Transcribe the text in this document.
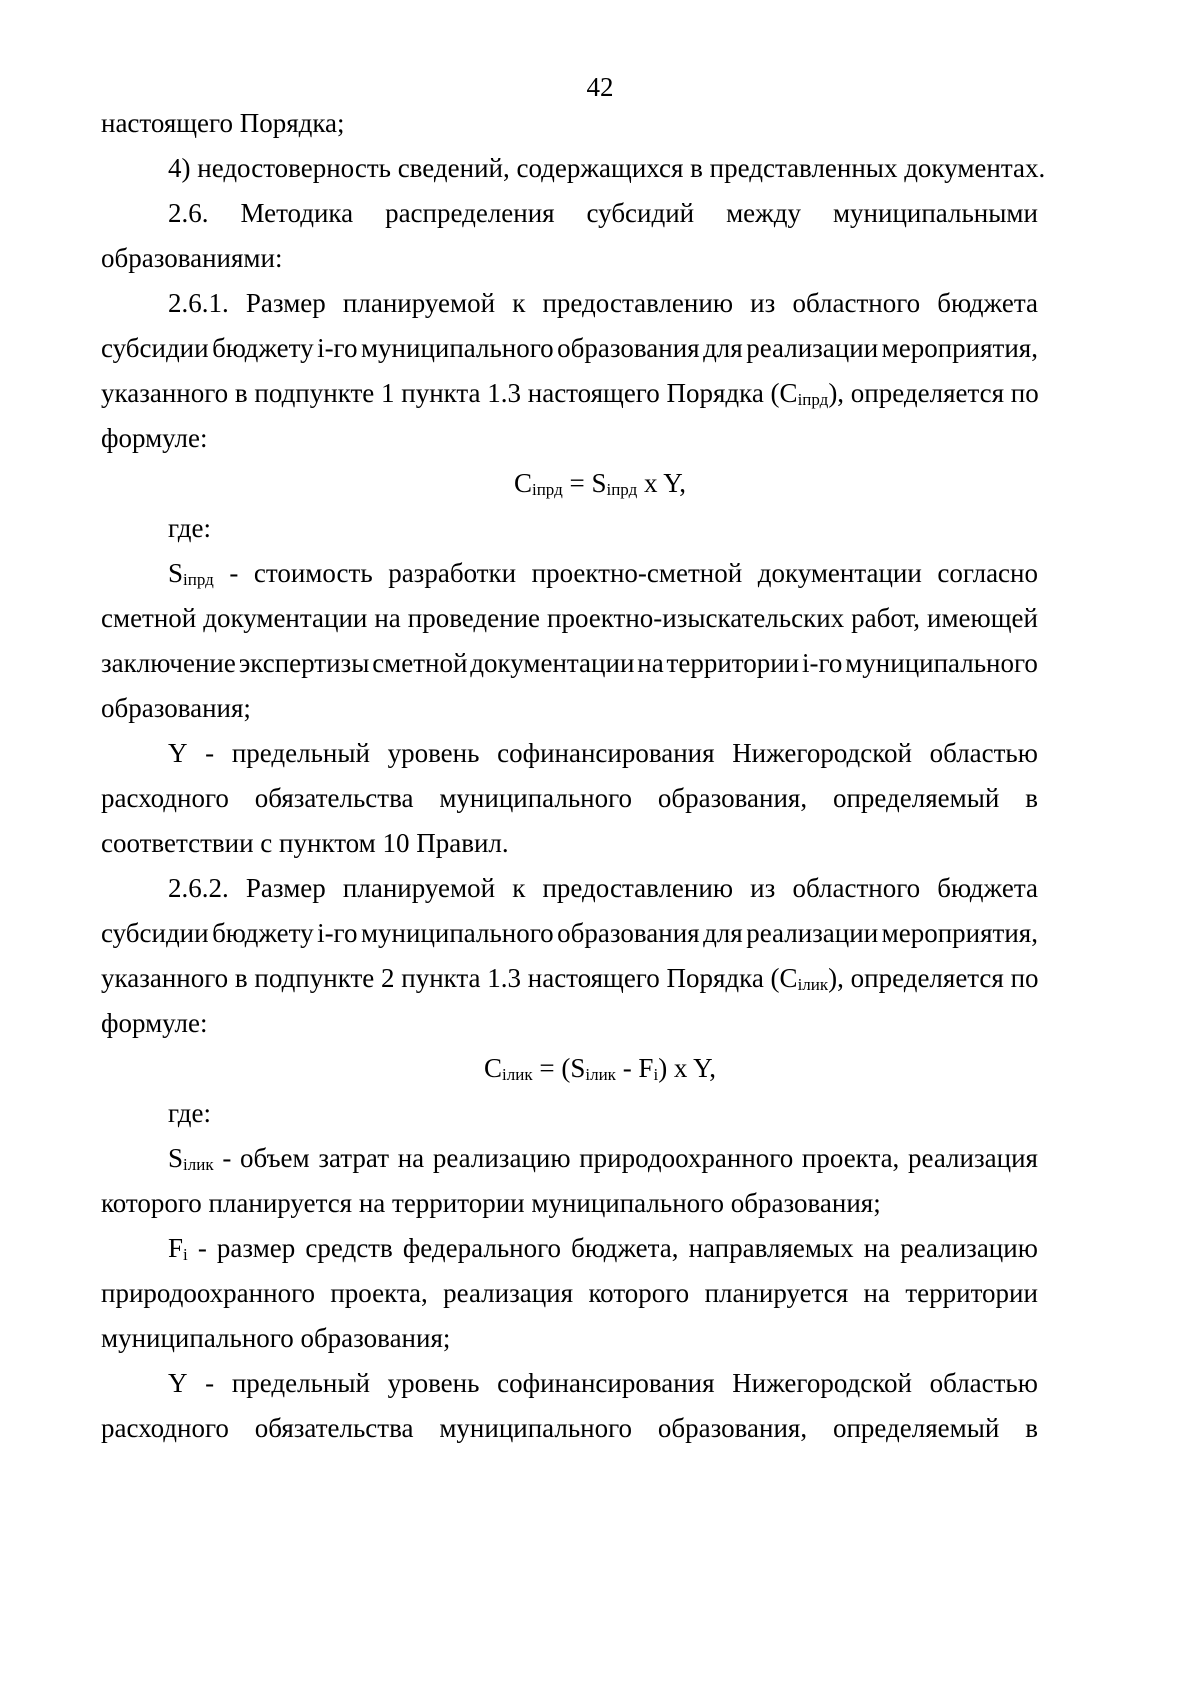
42
настоящего Порядка;
4) недостоверность сведений, содержащихся в представленных документах.
2.6. Методика распределения субсидий между муниципальными
образованиями:
2.6.1. Размер планируемой к предоставлению из областного бюджета
субсидии бюджету i-го муниципального образования для реализации мероприятия,
указанного в подпункте 1 пункта 1.3 настоящего Порядка (Ciпрд), определяется по
формуле:
Ciпрд = Siпрд x Y,
где:
Siпрд - стоимость разработки проектно-сметной документации согласно
сметной документации на проведение проектно-изыскательских работ, имеющей
заключение экспертизы сметной документации на территории i-го муниципального
образования;
Y - предельный уровень софинансирования Нижегородской областью
расходного обязательства муниципального образования, определяемый в
соответствии с пунктом 10 Правил.
2.6.2. Размер планируемой к предоставлению из областного бюджета
субсидии бюджету i-го муниципального образования для реализации мероприятия,
указанного в подпункте 2 пункта 1.3 настоящего Порядка (Ciлик), определяется по
формуле:
Ciлик = (Siлик - Fi) x Y,
где:
Siлик - объем затрат на реализацию природоохранного проекта, реализация
которого планируется на территории муниципального образования;
Fi - размер средств федерального бюджета, направляемых на реализацию
природоохранного проекта, реализация которого планируется на территории
муниципального образования;
Y - предельный уровень софинансирования Нижегородской областью
расходного обязательства муниципального образования, определяемый в
